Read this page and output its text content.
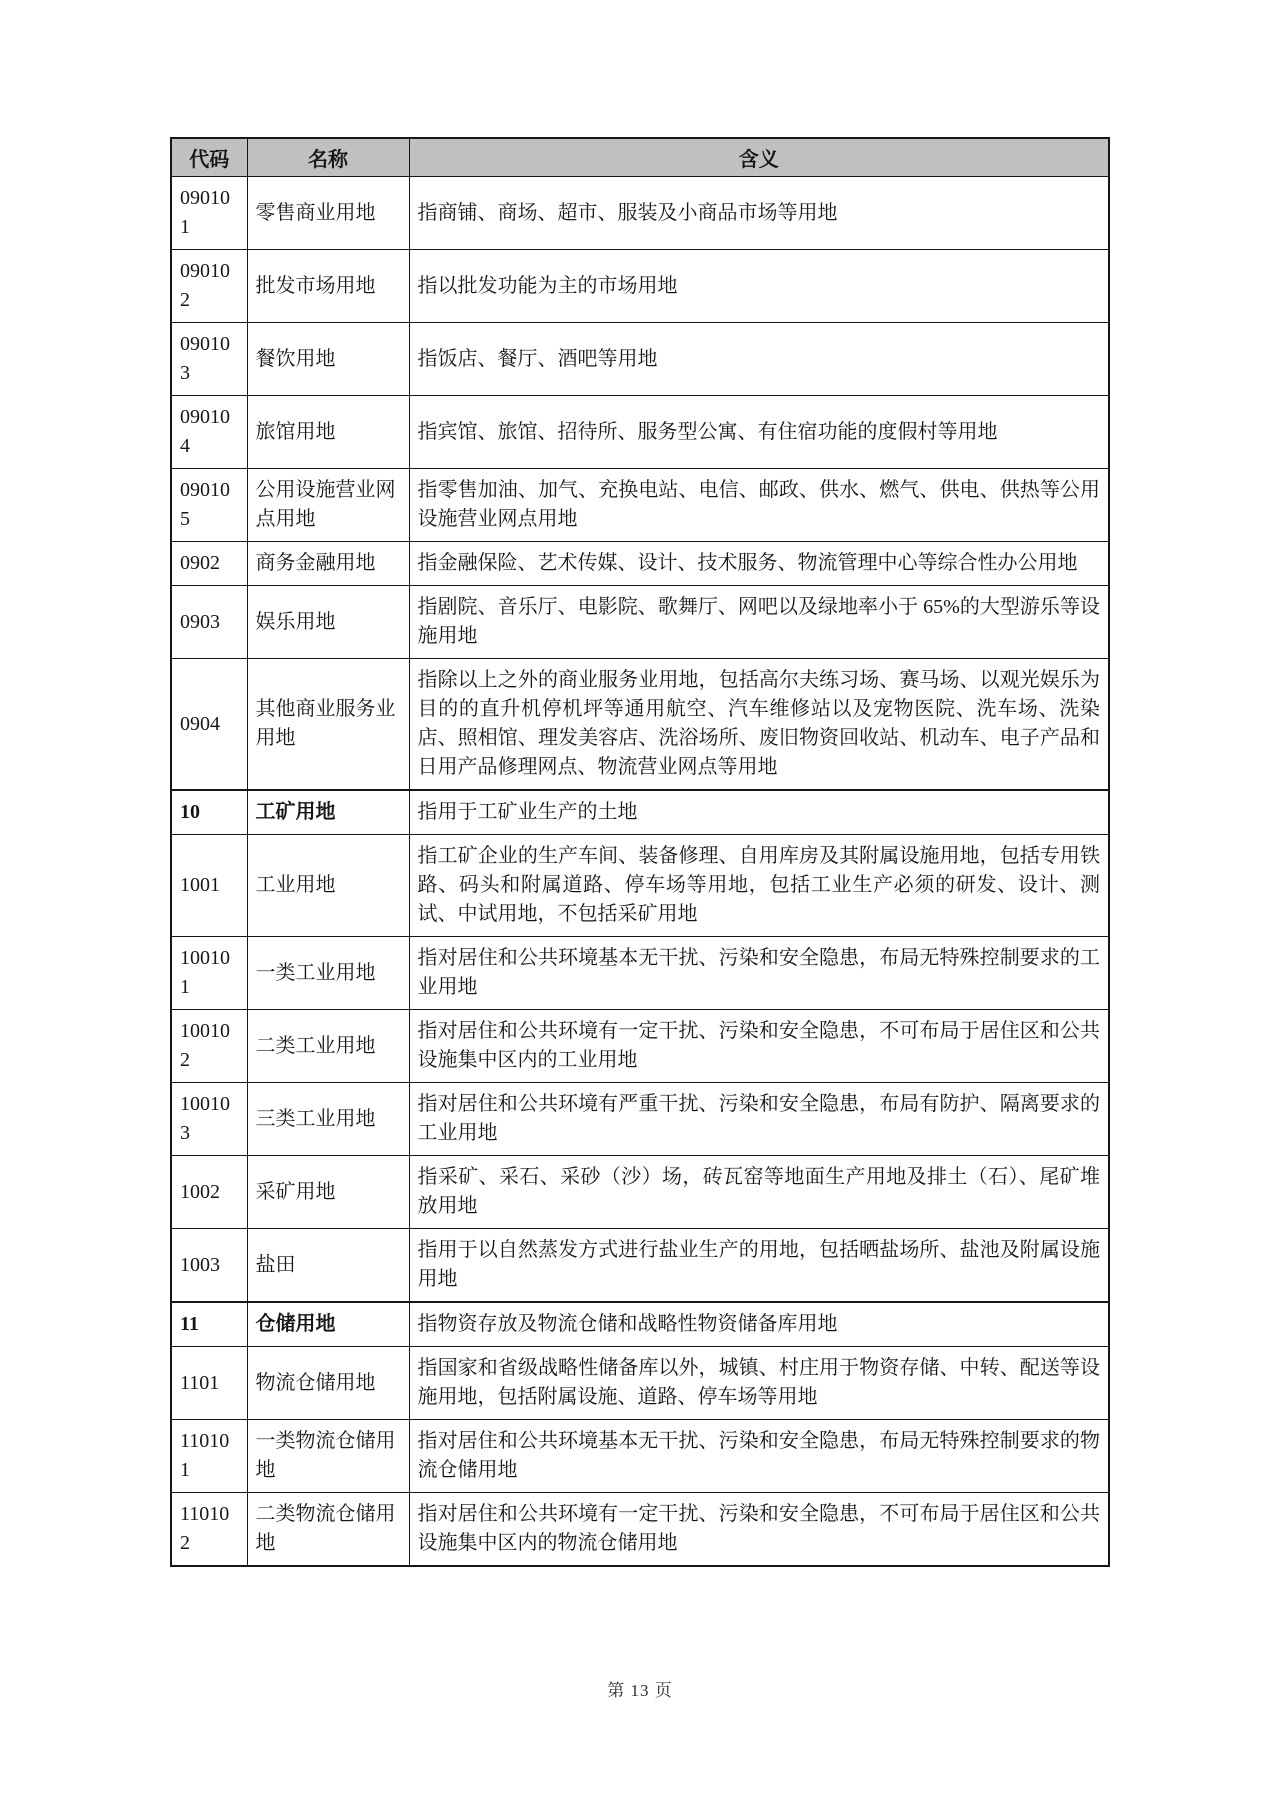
代码	名称	含义
090101	零售商业用地	指商铺、商场、超市、服装及小商品市场等用地
090102	批发市场用地	指以批发功能为主的市场用地
090103	餐饮用地	指饭店、餐厅、酒吧等用地
090104	旅馆用地	指宾馆、旅馆、招待所、服务型公寓、有住宿功能的度假村等用地
090105	公用设施营业网点用地	指零售加油、加气、充换电站、电信、邮政、供水、燃气、供电、供热等公用设施营业网点用地
0902	商务金融用地	指金融保险、艺术传媒、设计、技术服务、物流管理中心等综合性办公用地
0903	娱乐用地	指剧院、音乐厅、电影院、歌舞厅、网吧以及绿地率小于 65%的大型游乐等设施用地
0904	其他商业服务业用地	指除以上之外的商业服务业用地，包括高尔夫练习场、赛马场、以观光娱乐为目的的直升机停机坪等通用航空、汽车维修站以及宠物医院、洗车场、洗染店、照相馆、理发美容店、洗浴场所、废旧物资回收站、机动车、电子产品和日用产品修理网点、物流营业网点等用地
10	工矿用地	指用于工矿业生产的土地
1001	工业用地	指工矿企业的生产车间、装备修理、自用库房及其附属设施用地，包括专用铁路、码头和附属道路、停车场等用地，包括工业生产必须的研发、设计、测试、中试用地，不包括采矿用地
100101	一类工业用地	指对居住和公共环境基本无干扰、污染和安全隐患，布局无特殊控制要求的工业用地
100102	二类工业用地	指对居住和公共环境有一定干扰、污染和安全隐患，不可布局于居住区和公共设施集中区内的工业用地
100103	三类工业用地	指对居住和公共环境有严重干扰、污染和安全隐患，布局有防护、隔离要求的工业用地
1002	采矿用地	指采矿、采石、采砂（沙）场，砖瓦窑等地面生产用地及排土（石）、尾矿堆放用地
1003	盐田	指用于以自然蒸发方式进行盐业生产的用地，包括晒盐场所、盐池及附属设施用地
11	仓储用地	指物资存放及物流仓储和战略性物资储备库用地
1101	物流仓储用地	指国家和省级战略性储备库以外，城镇、村庄用于物资存储、中转、配送等设施用地，包括附属设施、道路、停车场等用地
110101	一类物流仓储用地	指对居住和公共环境基本无干扰、污染和安全隐患，布局无特殊控制要求的物流仓储用地
110102	二类物流仓储用地	指对居住和公共环境有一定干扰、污染和安全隐患，不可布局于居住区和公共设施集中区内的物流仓储用地
第 13 页
